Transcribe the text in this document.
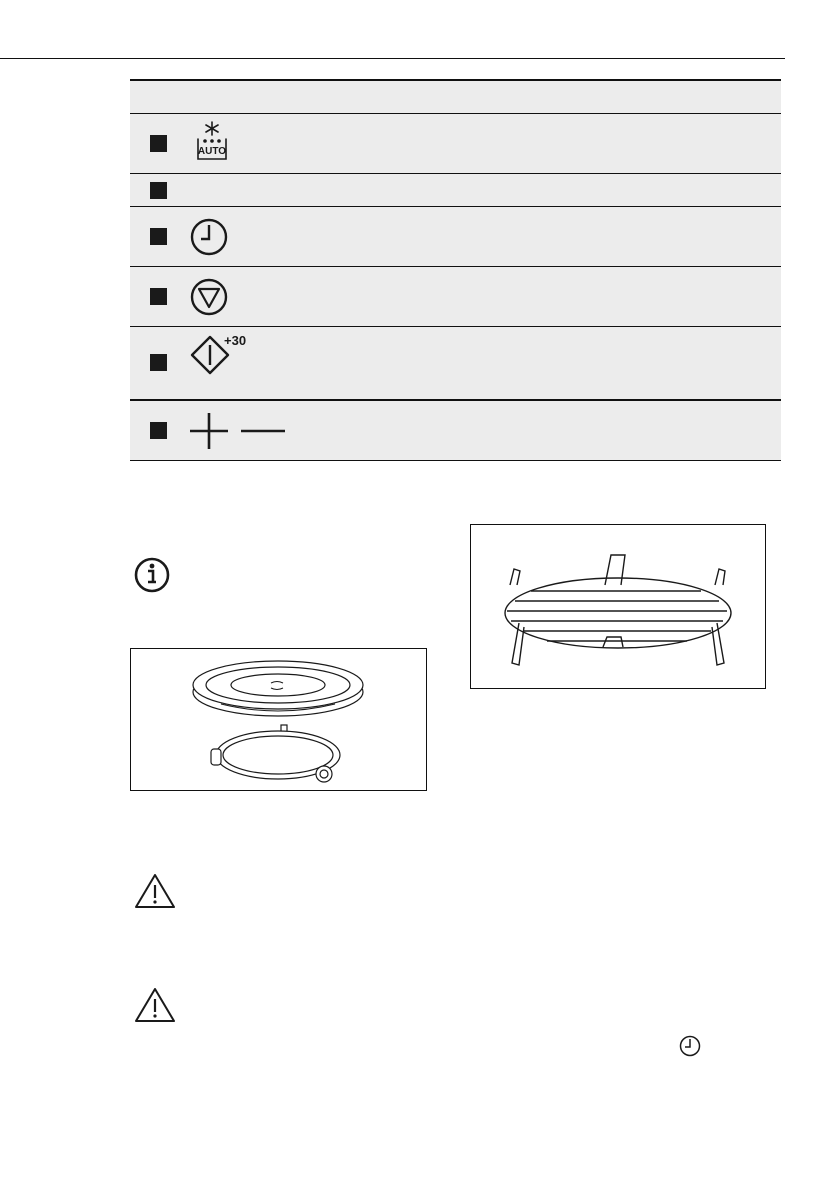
AUTO
+30
